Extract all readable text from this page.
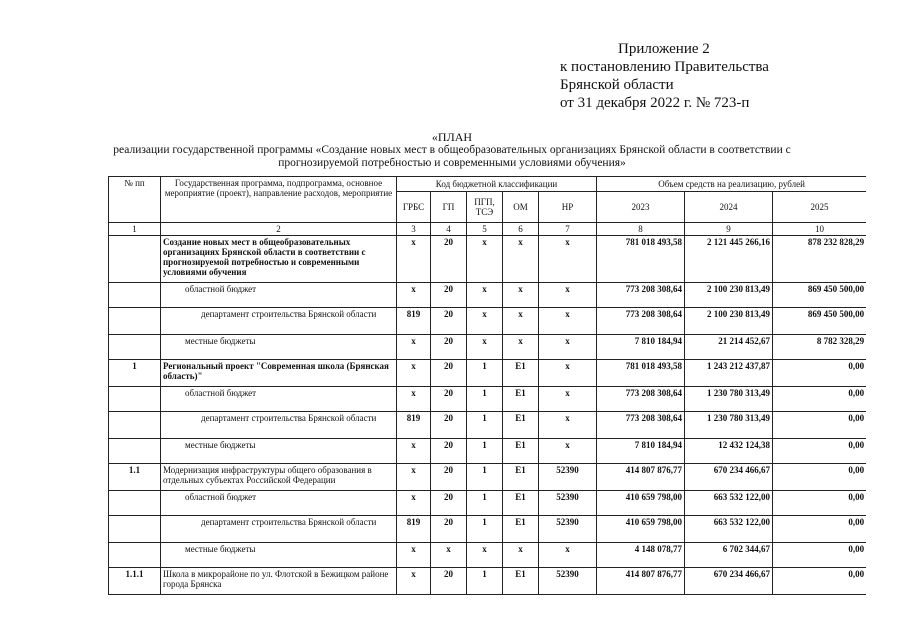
Приложение 2
к постановлению Правительства
Брянской области
от 31 декабря 2022 г. № 723-п
«ПЛАН
реализации государственной программы «Создание новых мест в общеобразовательных организациях Брянской области в соответствии с
прогнозируемой потребностью и современными условиями обучения»
№ пп	Государственная программа, подпрограмма, основное мероприятие (проект), направление расходов, мероприятие	Код бюджетной классификации					Объем средств на реализацию, рублей		
		ГРБС	ГП	ПГП, ТСЭ	ОМ	НР	2023	2024	2025
1	2	3	4	5	6	7	8	9	10
	Создание новых мест в общеобразовательных организациях Брянской области в соответствии с прогнозируемой потребностью и современными условиями обучения	x	20	x	x	x	781 018 493,58	2 121 445 266,16	878 232 828,29
	областной бюджет	x	20	x	x	x	773 208 308,64	2 100 230 813,49	869 450 500,00
	департамент строительства Брянской области	819	20	x	x	x	773 208 308,64	2 100 230 813,49	869 450 500,00
	местные бюджеты	x	20	x	x	x	7 810 184,94	21 214 452,67	8 782 328,29
1	Региональный проект "Современная школа (Брянская область)"	x	20	1	E1	x	781 018 493,58	1 243 212 437,87	0,00
	областной бюджет	x	20	1	E1	x	773 208 308,64	1 230 780 313,49	0,00
	департамент строительства Брянской области	819	20	1	E1	x	773 208 308,64	1 230 780 313,49	0,00
	местные бюджеты	x	20	1	E1	x	7 810 184,94	12 432 124,38	0,00
1.1	Модернизация инфраструктуры общего образования в отдельных субъектах Российской Федерации	x	20	1	E1	52390	414 807 876,77	670 234 466,67	0,00
	областной бюджет	x	20	1	E1	52390	410 659 798,00	663 532 122,00	0,00
	департамент строительства Брянской области	819	20	1	E1	52390	410 659 798,00	663 532 122,00	0,00
	местные бюджеты	x	x	x	x	x	4 148 078,77	6 702 344,67	0,00
1.1.1	Школа в микрорайоне по ул. Флотской в Бежицком районе города Брянска	x	20	1	E1	52390	414 807 876,77	670 234 466,67	0,00
